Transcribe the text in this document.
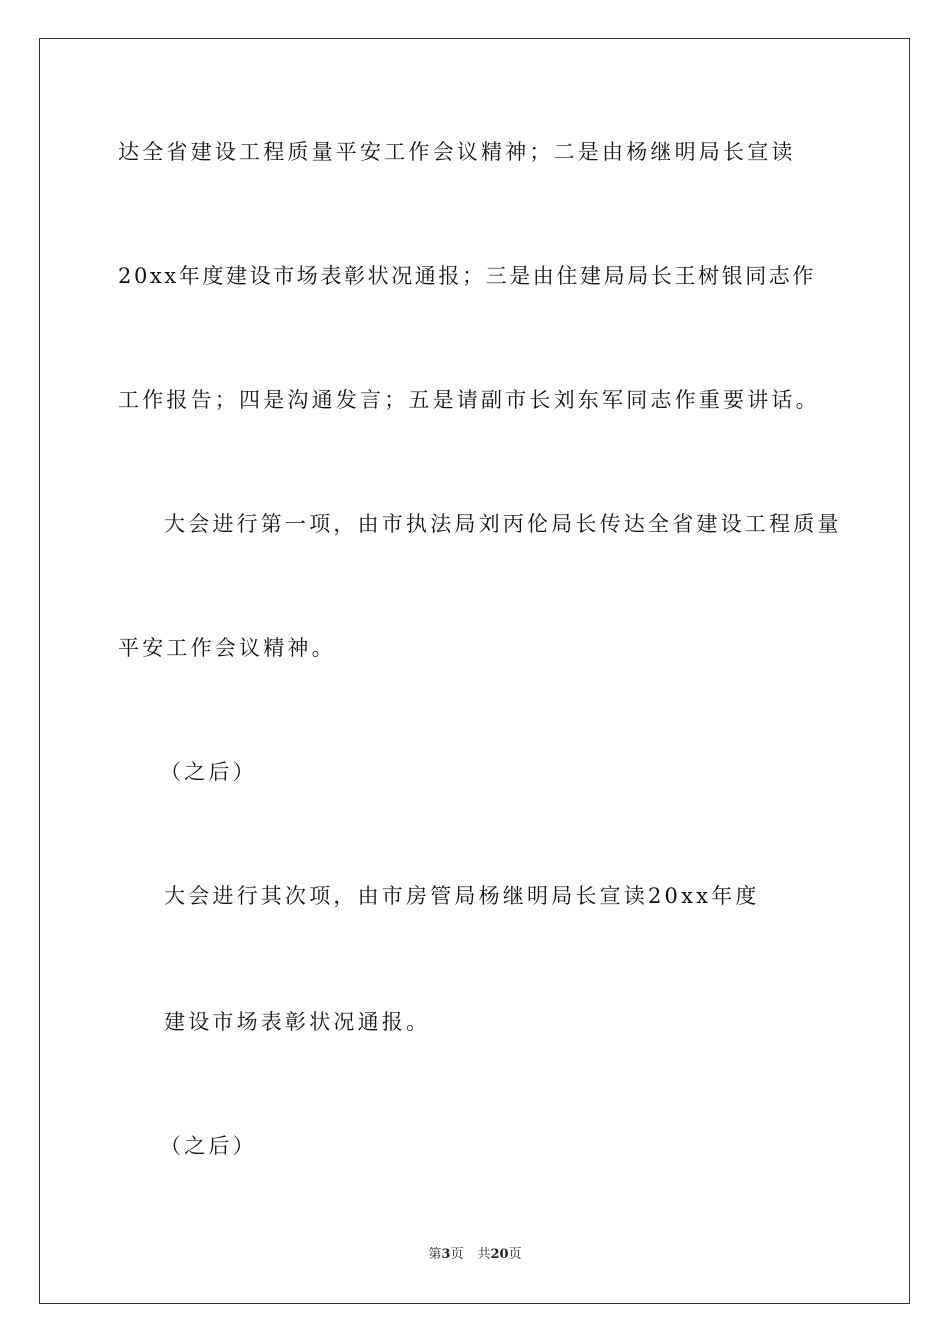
达全省建设工程质量平安工作会议精神；二是由杨继明局长宣读
20xx年度建设市场表彰状况通报；三是由住建局局长王树银同志作
工作报告；四是沟通发言；五是请副市长刘东军同志作重要讲话。
大会进行第一项，由市执法局刘丙伦局长传达全省建设工程质量
平安工作会议精神。
（之后）
大会进行其次项，由市房管局杨继明局长宣读20xx年度
建设市场表彰状况通报。
（之后）
第3页 共20页
